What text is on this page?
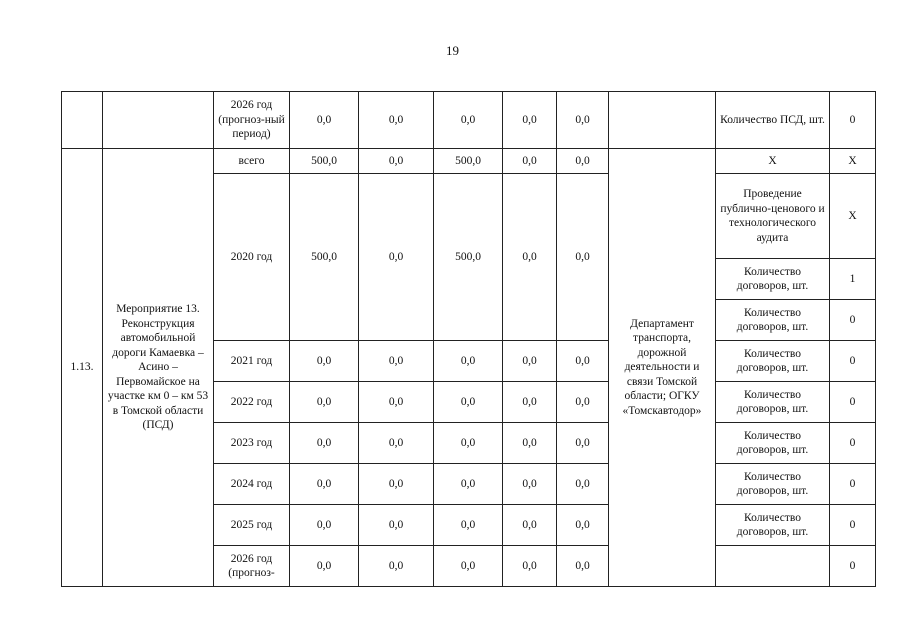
19
		2026 год (прогноз-ный период)	0,0	0,0	0,0	0,0	0,0		Количество ПСД, шт.	0
1.13.	Мероприятие 13. Реконструкция автомобильной дороги Камаевка – Асино – Первомайское на участке км 0 – км 53 в Томской области (ПСД)	всего	500,0	0,0	500,0	0,0	0,0	Департамент транспорта, дорожной деятельности и связи Томской области; ОГКУ «Томскавтодор»	Х	Х
		2020 год	500,0	0,0	500,0	0,0	0,0		Проведение публично-ценового и технологического аудита	Х
									Количество договоров, шт.	1
									Количество договоров, шт.	0
		2021 год	0,0	0,0	0,0	0,0	0,0		Количество договоров, шт.	0
		2022 год	0,0	0,0	0,0	0,0	0,0		Количество договоров, шт.	0
		2023 год	0,0	0,0	0,0	0,0	0,0		Количество договоров, шт.	0
		2024 год	0,0	0,0	0,0	0,0	0,0		Количество договоров, шт.	0
		2025 год	0,0	0,0	0,0	0,0	0,0		Количество договоров, шт.	0
		2026 год (прогноз-	0,0	0,0	0,0	0,0	0,0			0
